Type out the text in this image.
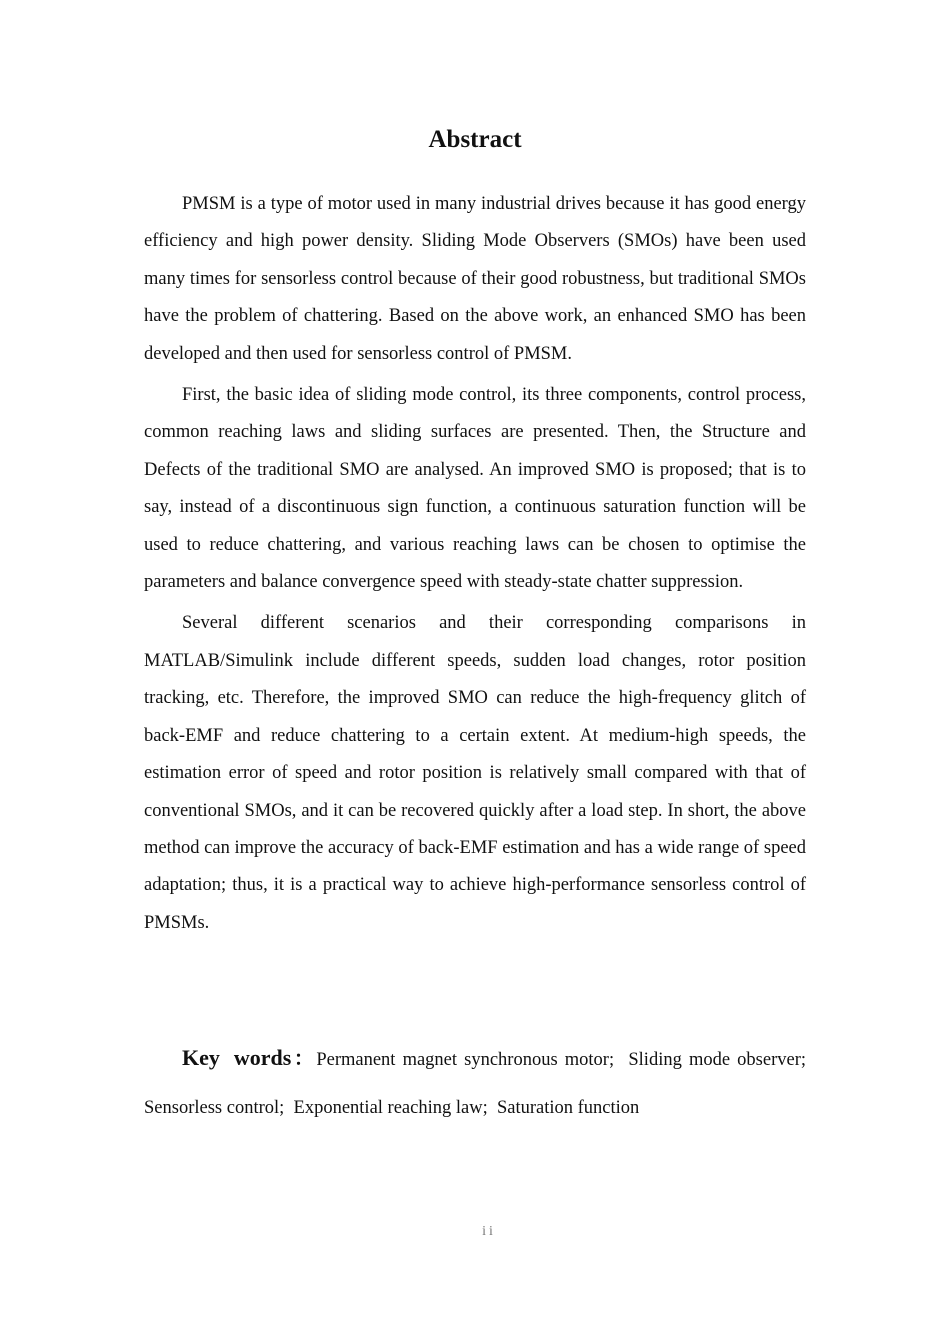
Abstract

PMSM is a type of motor used in many industrial drives because it has good energy efficiency and high power density. Sliding Mode Observers (SMOs) have been used many times for sensorless control because of their good robustness, but traditional SMOs have the problem of chattering. Based on the above work, an enhanced SMO has been developed and then used for sensorless control of PMSM.

First, the basic idea of sliding mode control, its three components, control process, common reaching laws and sliding surfaces are presented. Then, the Structure and Defects of the traditional SMO are analysed. An improved SMO is proposed; that is to say, instead of a discontinuous sign function, a continuous saturation function will be used to reduce chattering, and various reaching laws can be chosen to optimise the parameters and balance convergence speed with steady-state chatter suppression.

Several different scenarios and their corresponding comparisons in MATLAB/Simulink include different speeds, sudden load changes, rotor position tracking, etc. Therefore, the improved SMO can reduce the high-frequency glitch of back-EMF and reduce chattering to a certain extent. At medium-high speeds, the estimation error of speed and rotor position is relatively small compared with that of conventional SMOs, and it can be recovered quickly after a load step. In short, the above method can improve the accuracy of back-EMF estimation and has a wide range of speed adaptation; thus, it is a practical way to achieve high-performance sensorless control of PMSMs.

Key words：Permanent magnet synchronous motor; Sliding mode observer; Sensorless control; Exponential reaching law; Saturation function

ii
